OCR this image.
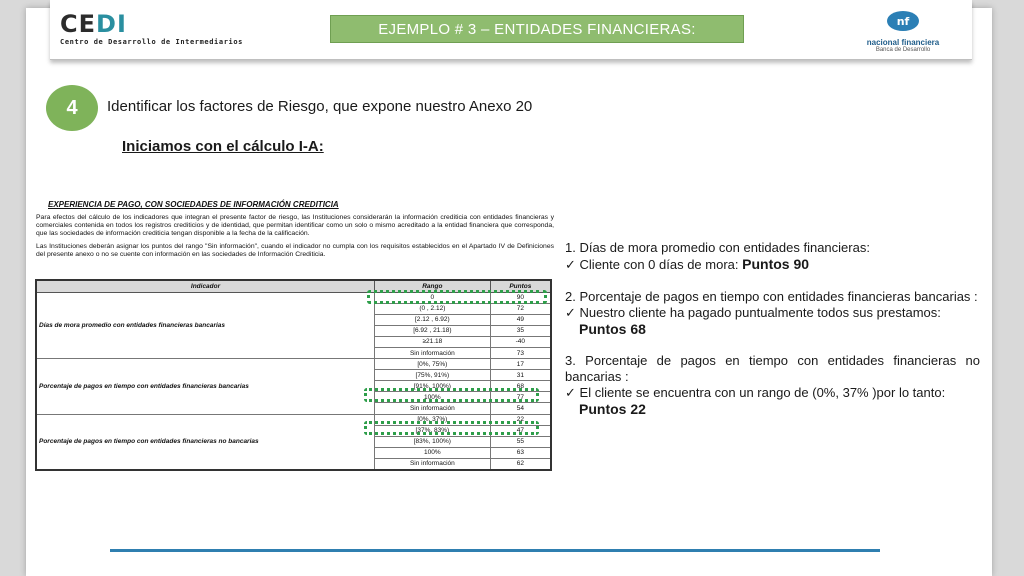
CEDI
Centro de Desarrollo de Intermediarios
EJEMPLO # 3 – ENTIDADES FINANCIERAS:	nf
nacional financiera
Banca de Desarrollo
4	Identificar los factores de Riesgo, que expone nuestro Anexo 20
Iniciamos con el cálculo I-A:
EXPERIENCIA DE PAGO, CON SOCIEDADES DE INFORMACIÓN CREDITICIA
Para efectos del cálculo de los indicadores que integran el presente factor de riesgo, las Instituciones considerarán la información crediticia con entidades financieras y comerciales contenida en todos los registros crediticios y de identidad, que permitan identificar como un solo o mismo acreditado a la entidad financiera que corresponda, que las sociedades de información crediticia tengan disponible a la fecha de la calificación.
Las Instituciones deberán asignar los puntos del rango "Sin información", cuando el indicador no cumpla con los requisitos establecidos en el Apartado IV de Definiciones del presente anexo o no se cuente con información en las sociedades de Información Crediticia.
Indicador	Rango	Puntos
Días de mora promedio con entidades financieras bancarias	0	90
	(0 , 2.12)	72
	[2.12 , 6.92)	49
	[6.92 , 21.18)	35
	≥21.18	-40
	Sin información	73
Porcentaje de pagos en tiempo con entidades financieras bancarias	[0%, 75%)	17
	[75%, 91%)	31
	[91%, 100%)	68
	100%	77
	Sin información	54
Porcentaje de pagos en tiempo con entidades financieras no bancarias	[0%, 37%)	22
	[37%, 83%)	47
	[83%, 100%)	55
	100%	63
	Sin información	62
1. Días de mora promedio con entidades financieras:
✓ Cliente con 0 días de mora: Puntos 90
2. Porcentaje de pagos en tiempo con entidades financieras bancarias :
✓ Nuestro cliente ha pagado puntualmente todos sus prestamos:
Puntos 68
3. Porcentaje de pagos en tiempo con entidades financieras no bancarias :
✓ El cliente se encuentra con un rango de (0%, 37% )por lo tanto:
Puntos 22
